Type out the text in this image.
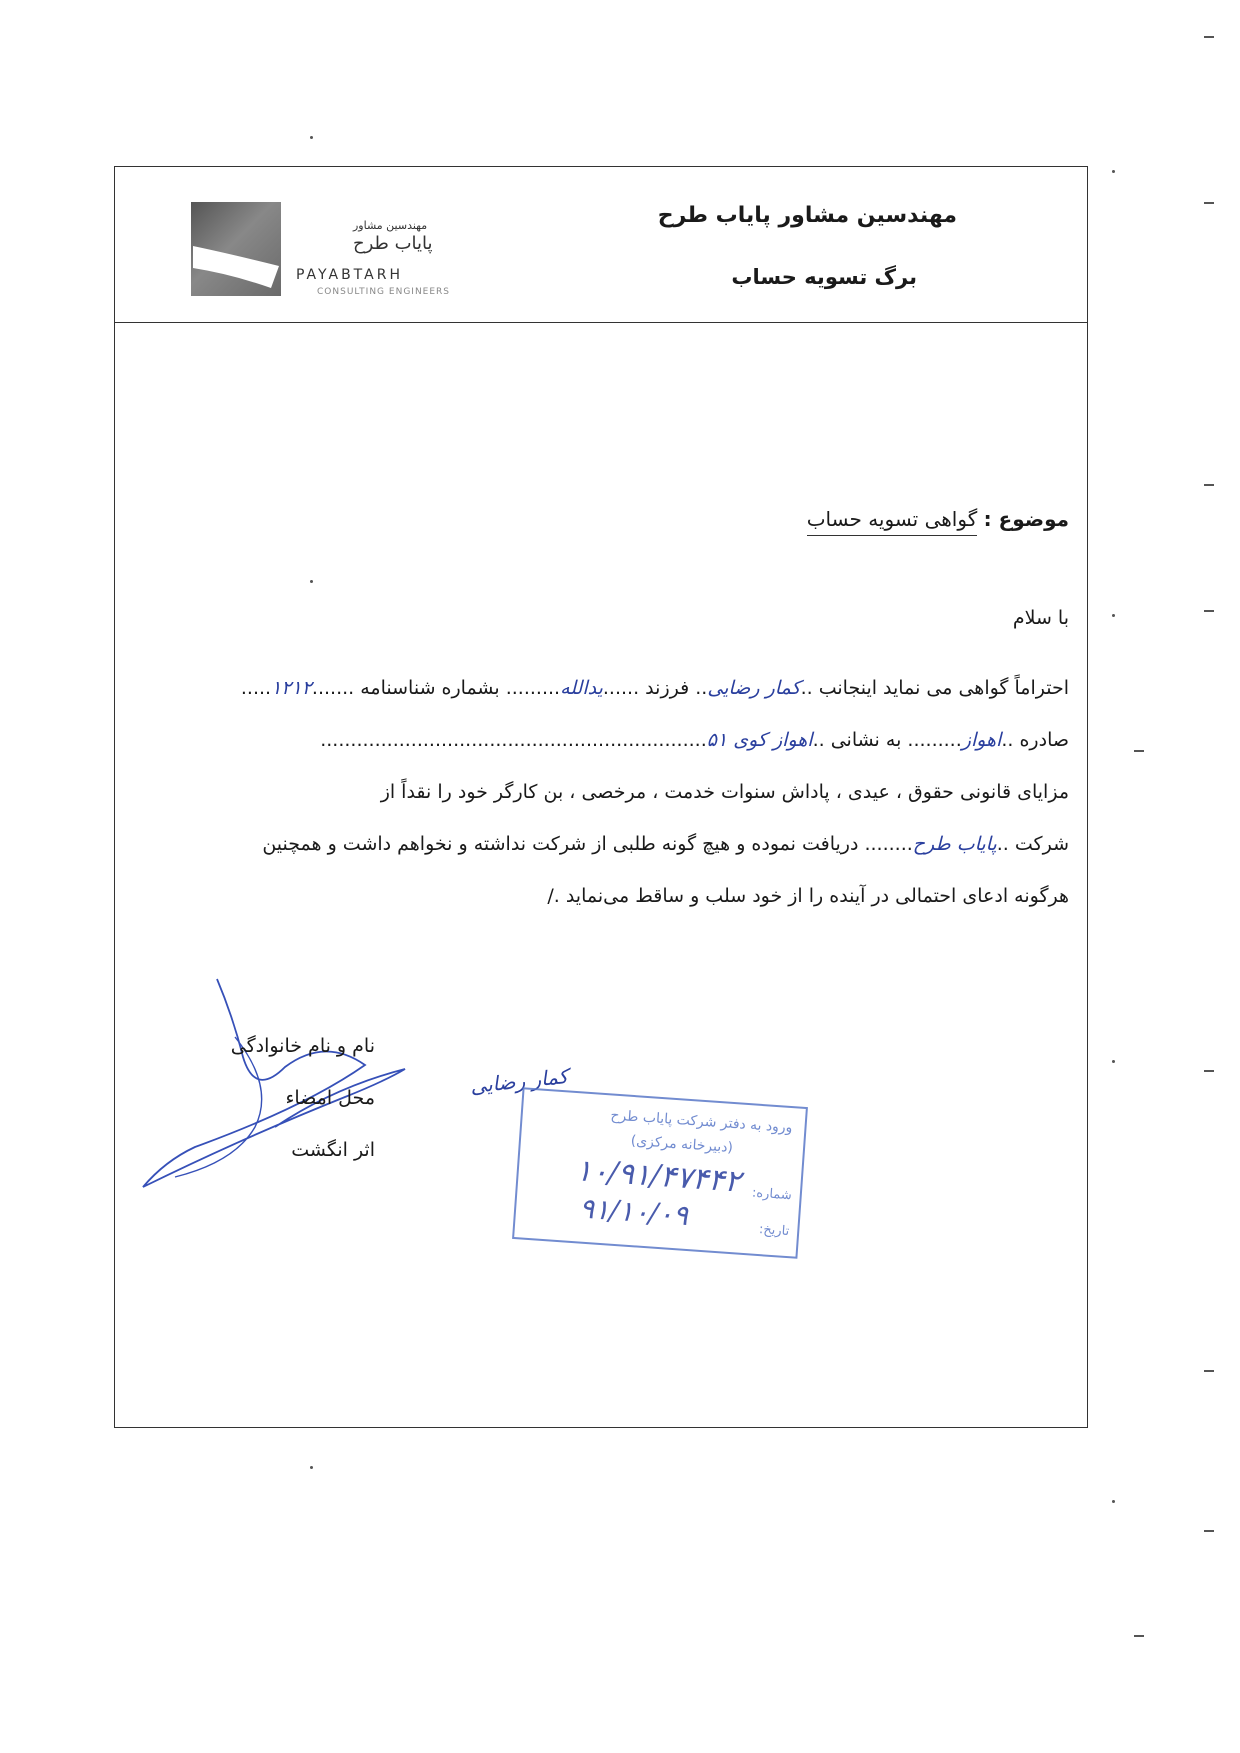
مهندسین مشاور
پایاب طرح
PAYABTARH
CONSULTING ENGINEERS
مهندسین مشاور پایاب طرح
برگ تسویه حساب
موضوع : گواهی تسویه حساب
با سلام
احتراماً گواهی می نماید اینجانب ..کمار رضایی.. فرزند ......یدالله......... بشماره شناسنامه .......۱۲۱۲.....
صادره ..اهواز......... به نشانی ..اهواز کوی ۵۱................................................................
مزایای قانونی حقوق ، عیدی ، پاداش سنوات خدمت ، مرخصی ، بن کارگر خود را نقداً از
شرکت ..پایاب طرح........ دریافت نموده و هیچ گونه طلبی از شرکت نداشته و نخواهم داشت و همچنین
هرگونه ادعای احتمالی در آینده را از خود سلب و ساقط می‌نماید ./
نام و نام خانوادگی
محل امضاء
اثر انگشت
کمار رضایی
ورود به دفتر شرکت پایاب طرح
(دبیرخانه مرکزی)
شماره:
۱۰/۹۱/۴۷۴۴۲
تاریخ:
۹۱/۱۰/۰۹
